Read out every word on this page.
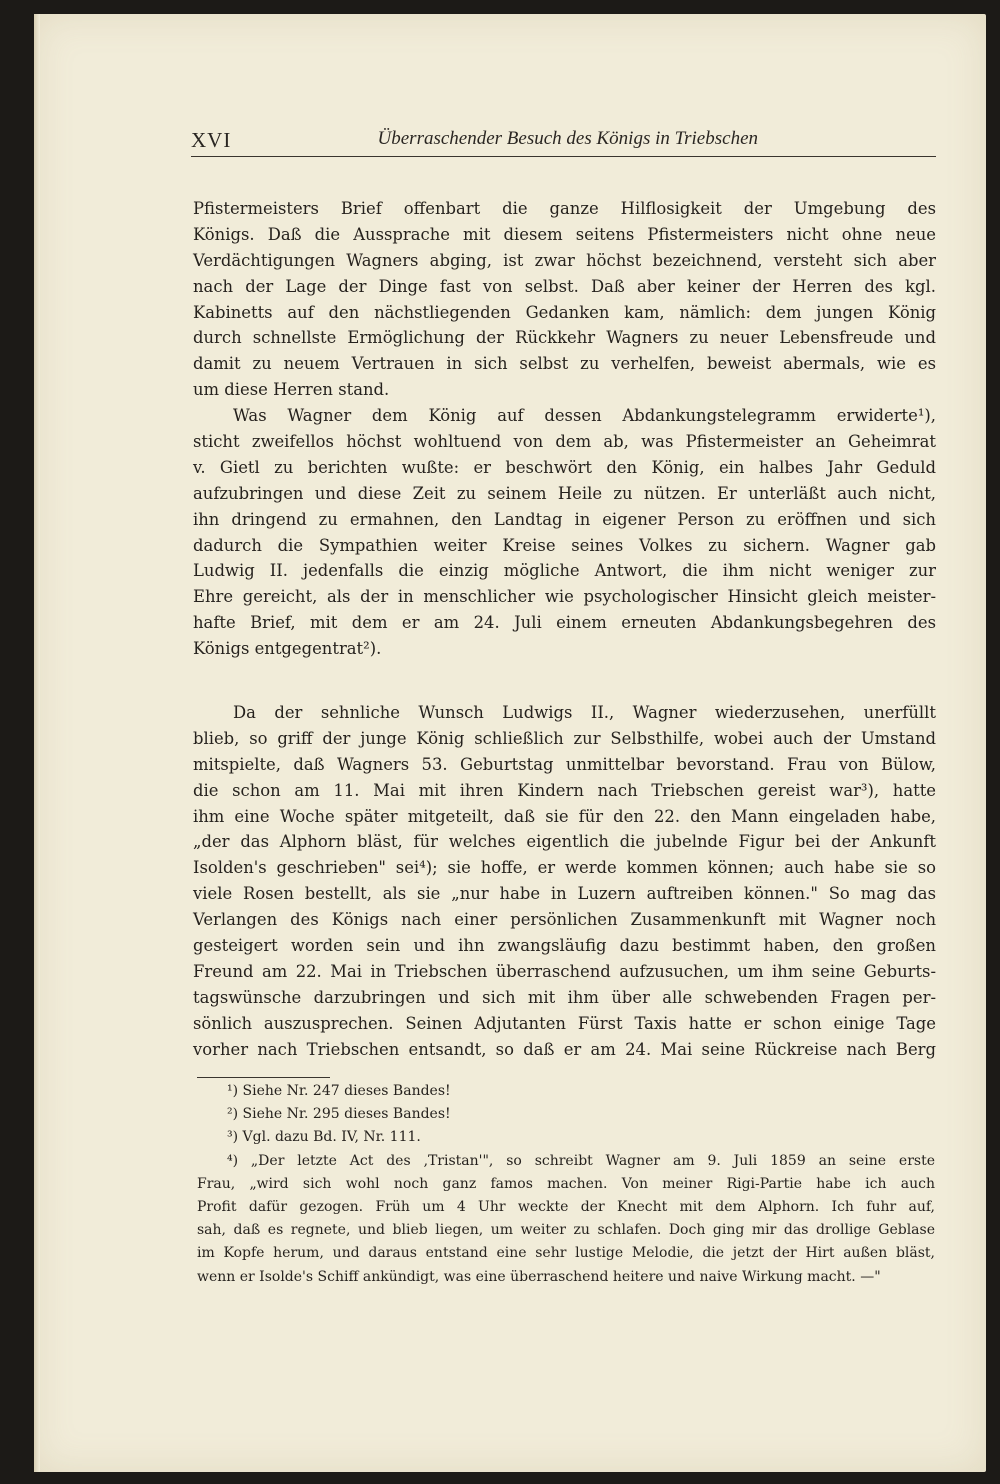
XVI	Überraschender Besuch des Königs in Triebschen
Pfistermeisters Brief offenbart die ganze Hilflosigkeit der Umgebung des
Königs. Daß die Aussprache mit diesem seitens Pfistermeisters nicht ohne neue
Verdächtigungen Wagners abging, ist zwar höchst bezeichnend, versteht sich aber
nach der Lage der Dinge fast von selbst. Daß aber keiner der Herren des kgl.
Kabinetts auf den nächstliegenden Gedanken kam, nämlich: dem jungen König
durch schnellste Ermöglichung der Rückkehr Wagners zu neuer Lebensfreude und
damit zu neuem Vertrauen in sich selbst zu verhelfen, beweist abermals, wie es
um diese Herren stand.
Was Wagner dem König auf dessen Abdankungstelegramm erwiderte¹),
sticht zweifellos höchst wohltuend von dem ab, was Pfistermeister an Geheimrat
v. Gietl zu berichten wußte: er beschwört den König, ein halbes Jahr Geduld
aufzubringen und diese Zeit zu seinem Heile zu nützen. Er unterläßt auch nicht,
ihn dringend zu ermahnen, den Landtag in eigener Person zu eröffnen und sich
dadurch die Sympathien weiter Kreise seines Volkes zu sichern. Wagner gab
Ludwig II. jedenfalls die einzig mögliche Antwort, die ihm nicht weniger zur
Ehre gereicht, als der in menschlicher wie psychologischer Hinsicht gleich meister-
hafte Brief, mit dem er am 24. Juli einem erneuten Abdankungsbegehren des
Königs entgegentrat²).
Da der sehnliche Wunsch Ludwigs II., Wagner wiederzusehen, unerfüllt
blieb, so griff der junge König schließlich zur Selbsthilfe, wobei auch der Umstand
mitspielte, daß Wagners 53. Geburtstag unmittelbar bevorstand. Frau von Bülow,
die schon am 11. Mai mit ihren Kindern nach Triebschen gereist war³), hatte
ihm eine Woche später mitgeteilt, daß sie für den 22. den Mann eingeladen habe,
„der das Alphorn bläst, für welches eigentlich die jubelnde Figur bei der Ankunft
Isolden's geschrieben" sei⁴); sie hoffe, er werde kommen können; auch habe sie so
viele Rosen bestellt, als sie „nur habe in Luzern auftreiben können." So mag das
Verlangen des Königs nach einer persönlichen Zusammenkunft mit Wagner noch
gesteigert worden sein und ihn zwangsläufig dazu bestimmt haben, den großen
Freund am 22. Mai in Triebschen überraschend aufzusuchen, um ihm seine Geburts-
tagswünsche darzubringen und sich mit ihm über alle schwebenden Fragen per-
sönlich auszusprechen. Seinen Adjutanten Fürst Taxis hatte er schon einige Tage
vorher nach Triebschen entsandt, so daß er am 24. Mai seine Rückreise nach Berg
¹) Siehe Nr. 247 dieses Bandes!
²) Siehe Nr. 295 dieses Bandes!
³) Vgl. dazu Bd. IV, Nr. 111.
⁴) „Der letzte Act des ‚Tristan'", so schreibt Wagner am 9. Juli 1859 an seine erste
Frau, „wird sich wohl noch ganz famos machen. Von meiner Rigi-Partie habe ich auch
Profit dafür gezogen. Früh um 4 Uhr weckte der Knecht mit dem Alphorn. Ich fuhr auf,
sah, daß es regnete, und blieb liegen, um weiter zu schlafen. Doch ging mir das drollige Geblase
im Kopfe herum, und daraus entstand eine sehr lustige Melodie, die jetzt der Hirt außen bläst,
wenn er Isolde's Schiff ankündigt, was eine überraschend heitere und naive Wirkung macht. —"
